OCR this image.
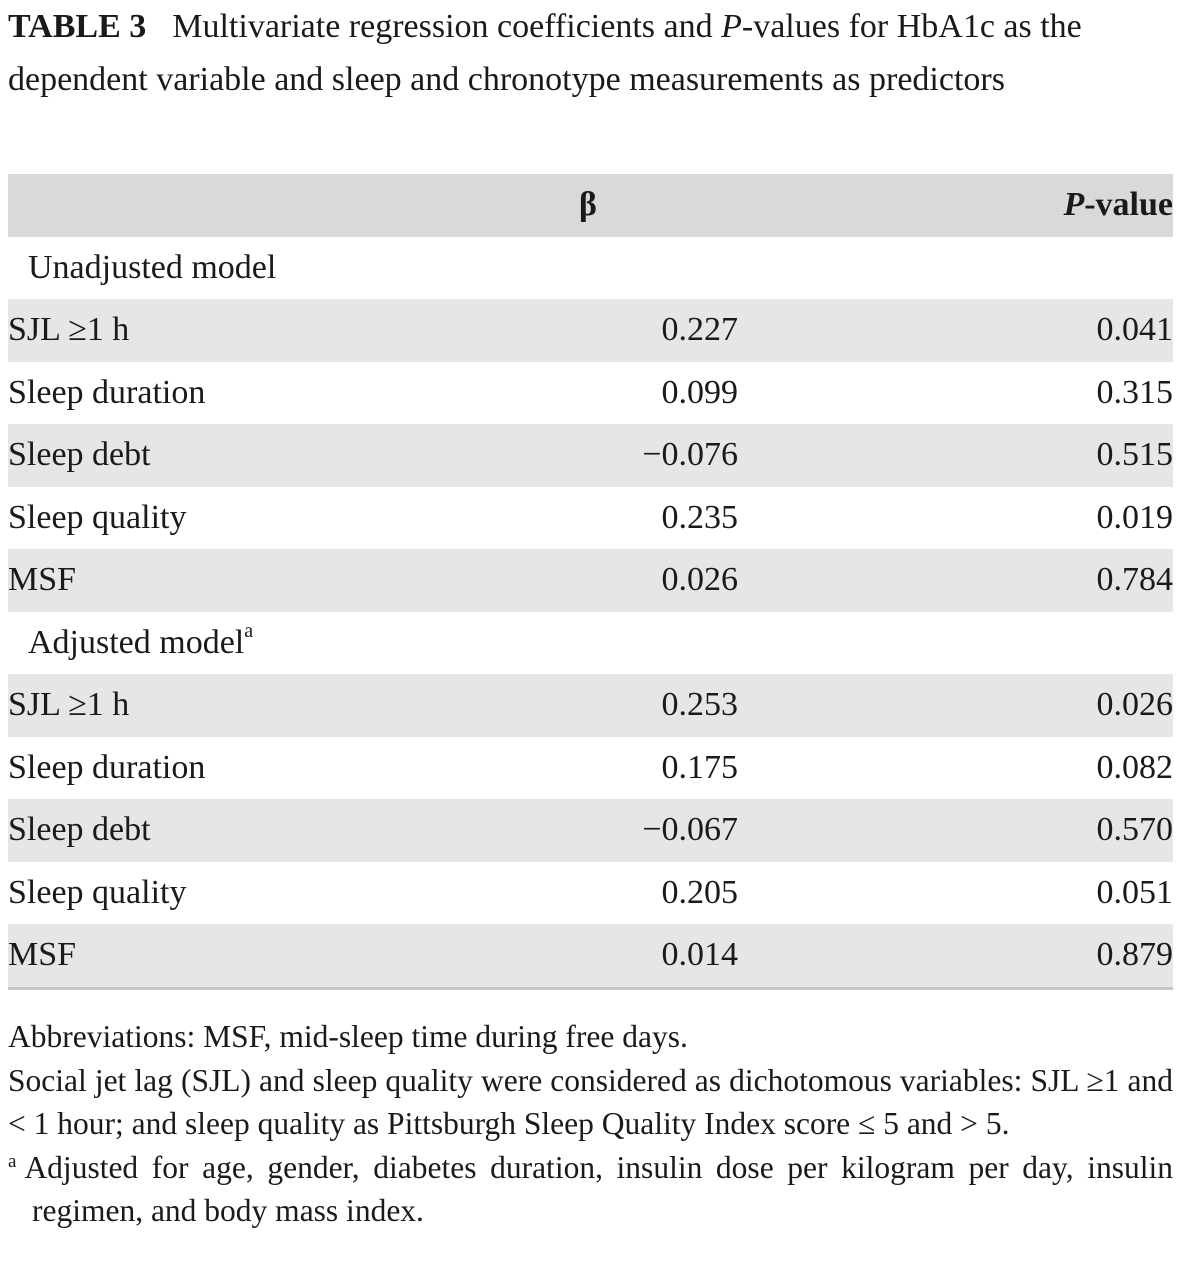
TABLE 3 Multivariate regression coefficients and P-values for HbA1c as the dependent variable and sleep and chronotype measurements as predictors

	β	P-value
Unadjusted model		
SJL ≥1 h	0.227	0.041
Sleep duration	0.099	0.315
Sleep debt	−0.076	0.515
Sleep quality	0.235	0.019
MSF	0.026	0.784
Adjusted model$^a$
SJL ≥1 h	0.253	0.026
Sleep duration	0.175	0.082
Sleep debt	−0.067	0.570
Sleep quality	0.205	0.051
MSF	0.014	0.879

Abbreviations: MSF, mid-sleep time during free days.

Social jet lag (SJL) and sleep quality were considered as dichotomous variables: SJL ≥1 and < 1 hour; and sleep quality as Pittsburgh Sleep Quality Index score ≤ 5 and > 5.

$^a$ Adjusted for age, gender, diabetes duration, insulin dose per kilogram per day, insulin regimen, and body mass index.
